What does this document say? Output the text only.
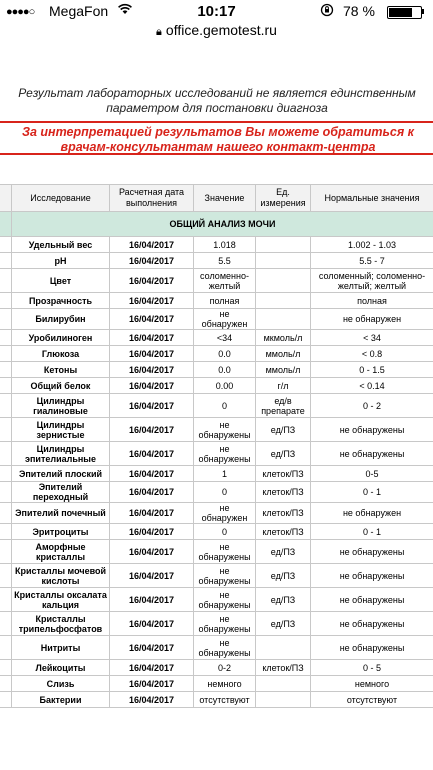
●●●●○ MegaFon	10:17	78 %
🔒︎ office.gemotest.ru
Результат лабораторных исследований не является единственным параметром для постановки диагноза
За интерпретацией результатов Вы можете обратиться к врачам-консультантам нашего контакт-центра
	Исследование	Расчетная дата выполнения	Значение	Ед. измерения	Нормальные значения
	ОБЩИЙ АНАЛИЗ МОЧИ				
	Удельный вес	16/04/2017	1.018		1.002 - 1.03
	pH	16/04/2017	5.5		5.5 - 7
	Цвет	16/04/2017	соломенно-желтый		соломенный; соломенно-желтый; желтый
	Прозрачность	16/04/2017	полная		полная
	Билирубин	16/04/2017	не обнаружен		не обнаружен
	Уробилиноген	16/04/2017	<34	мкмоль/л	< 34
	Глюкоза	16/04/2017	0.0	ммоль/л	< 0.8
	Кетоны	16/04/2017	0.0	ммоль/л	0 - 1.5
	Общий белок	16/04/2017	0.00	г/л	< 0.14
	Цилиндры гиалиновые	16/04/2017	0	ед/в препарате	0 - 2
	Цилиндры зернистые	16/04/2017	не обнаружены	ед/ПЗ	не обнаружены
	Цилиндры эпителиальные	16/04/2017	не обнаружены	ед/ПЗ	не обнаружены
	Эпителий плоский	16/04/2017	1	клеток/ПЗ	0-5
	Эпителий переходный	16/04/2017	0	клеток/ПЗ	0 - 1
	Эпителий почечный	16/04/2017	не обнаружен	клеток/ПЗ	не обнаружен
	Эритроциты	16/04/2017	0	клеток/ПЗ	0 - 1
	Аморфные кристаллы	16/04/2017	не обнаружены	ед/ПЗ	не обнаружены
	Кристаллы мочевой кислоты	16/04/2017	не обнаружены	ед/ПЗ	не обнаружены
	Кристаллы оксалата кальция	16/04/2017	не обнаружены	ед/ПЗ	не обнаружены
	Кристаллы трипельфосфатов	16/04/2017	не обнаружены	ед/ПЗ	не обнаружены
	Нитриты	16/04/2017	не обнаружены		не обнаружены
	Лейкоциты	16/04/2017	0-2	клеток/ПЗ	0 - 5
	Слизь	16/04/2017	немного		немного
	Бактерии	16/04/2017	отсутствуют		отсутствуют
